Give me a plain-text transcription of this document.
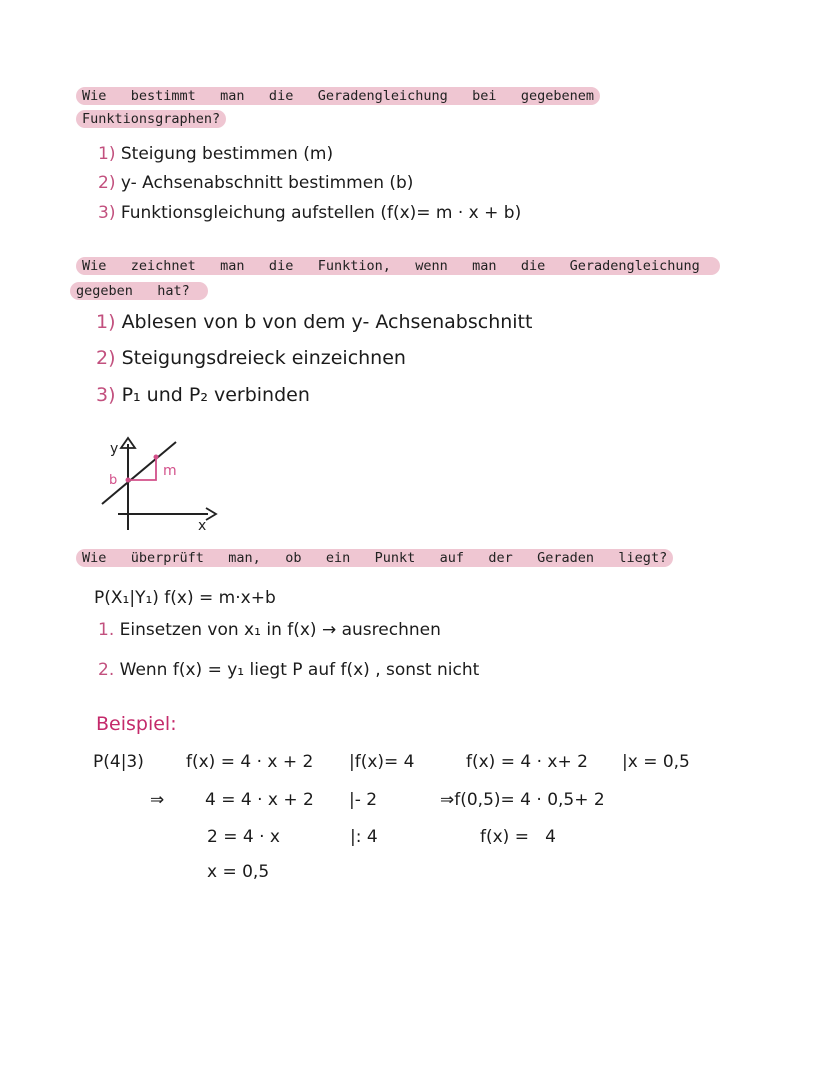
Wie   bestimmt   man   die   Geradengleichung   bei   gegebenem
Funktionsgraphen?
1) Steigung bestimmen (m)
2) y- Achsenabschnitt bestimmen (b)
3) Funktionsgleichung aufstellen (f(x)= m · x + b)
Wie   zeichnet   man   die   Funktion,   wenn   man   die   Geradengleichung
gegeben   hat?
1) Ablesen von b von dem y- Achsenabschnitt
2) Steigungsdreieck einzeichnen
3) P₁ und P₂ verbinden
y
x
b
m
Wie   überprüft   man,   ob   ein   Punkt   auf   der   Geraden   liegt?
P(X₁|Y₁) f(x) = m·x+b
1. Einsetzen von x₁ in f(x) → ausrechnen
2. Wenn f(x) = y₁ liegt P auf f(x) , sonst nicht
Beispiel:
P(4|3) f(x) = 4 · x + 2 |f(x)= 4
⇒ 4 = 4 · x + 2 |- 2
2 = 4 · x	|: 4
x = 0,5
f(x) = 4 · x+ 2 |x = 0,5
⇒f(0,5)= 4 · 0,5+ 2
f(x) =   4
